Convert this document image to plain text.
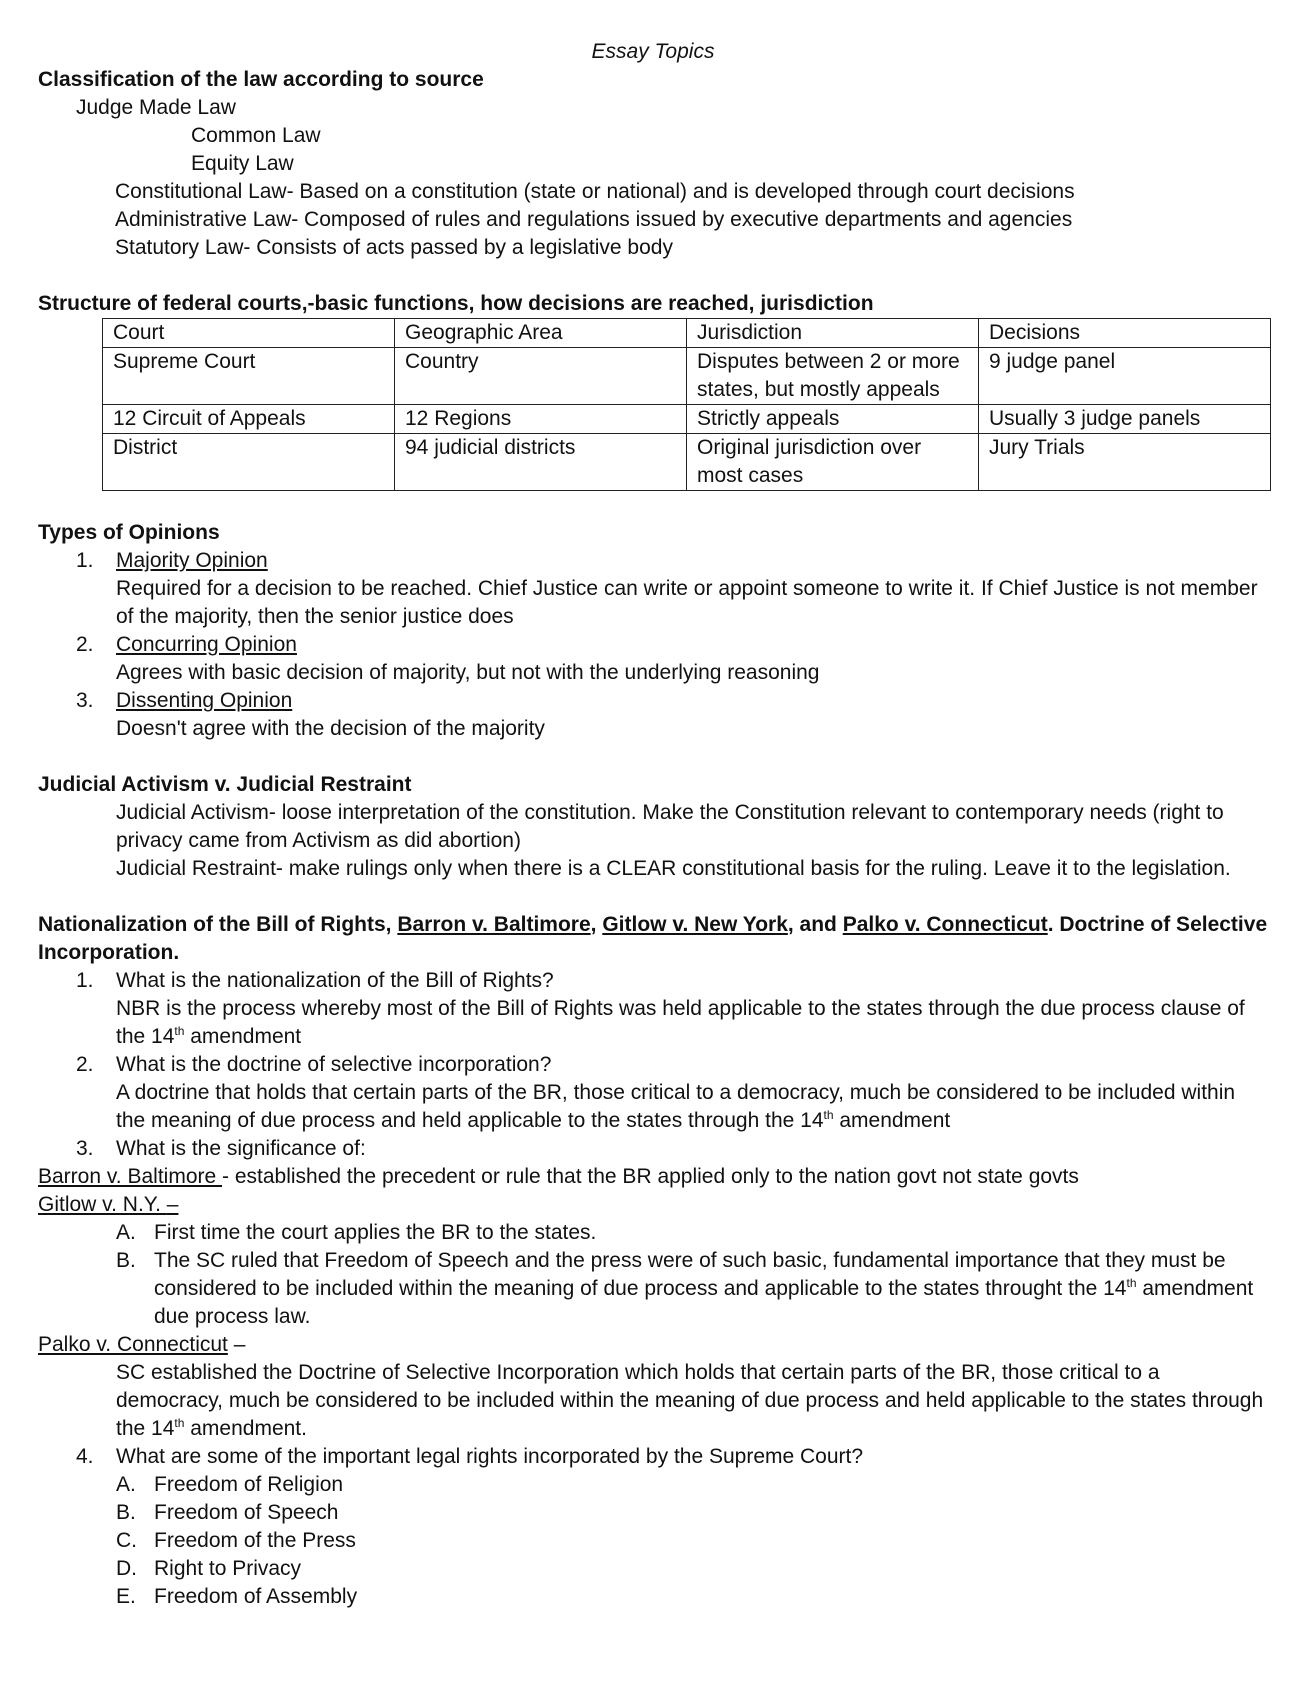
Essay Topics
Classification of the law according to source
Judge Made Law
Common Law
Equity Law
Constitutional Law- Based on a constitution (state or national) and is developed through court decisions
Administrative Law- Composed of rules and regulations issued by executive departments and agencies
Statutory Law- Consists of acts passed by a legislative body
Structure of federal courts,-basic functions, how decisions are reached, jurisdiction
Court	Geographic Area	Jurisdiction	Decisions
Supreme Court	Country	Disputes between 2 or more states, but mostly appeals	9 judge panel
12 Circuit of Appeals	12 Regions	Strictly appeals	Usually 3 judge panels
District	94 judicial districts	Original jurisdiction over most cases	Jury Trials
Types of Opinions
1.	Majority Opinion
Required for a decision to be reached. Chief Justice can write or appoint someone to write it. If Chief Justice is not member of the majority, then the senior justice does
2.	Concurring Opinion
Agrees with basic decision of majority, but not with the underlying reasoning
3.	Dissenting Opinion
Doesn't agree with the decision of the majority
Judicial Activism v. Judicial Restraint
Judicial Activism- loose interpretation of the constitution. Make the Constitution relevant to contemporary needs (right to privacy came from Activism as did abortion)
Judicial Restraint- make rulings only when there is a CLEAR constitutional basis for the ruling. Leave it to the legislation.
Nationalization of the Bill of Rights, Barron v. Baltimore, Gitlow v. New York, and Palko v. Connecticut. Doctrine of Selective Incorporation.
1.	What is the nationalization of the Bill of Rights?
NBR is the process whereby most of the Bill of Rights was held applicable to the states through the due process clause of the 14th amendment
2.	What is the doctrine of selective incorporation?
A doctrine that holds that certain parts of the BR, those critical to a democracy, much be considered to be included within the meaning of due process and held applicable to the states through the 14th amendment
3.	What is the significance of:
Barron v. Baltimore - established the precedent or rule that the BR applied only to the nation govt not state govts
Gitlow v. N.Y. –
A. First time the court applies the BR to the states.
B. The SC ruled that Freedom of Speech and the press were of such basic, fundamental importance that they must be considered to be included within the meaning of due process and applicable to the states throught the 14th amendment due process law.
Palko v. Connecticut –
SC established the Doctrine of Selective Incorporation which holds that certain parts of the BR, those critical to a democracy, much be considered to be included within the meaning of due process and held applicable to the states through the 14th amendment.
4.	What are some of the important legal rights incorporated by the Supreme Court?
A. Freedom of Religion
B. Freedom of Speech
C. Freedom of the Press
D. Right to Privacy
E. Freedom of Assembly
